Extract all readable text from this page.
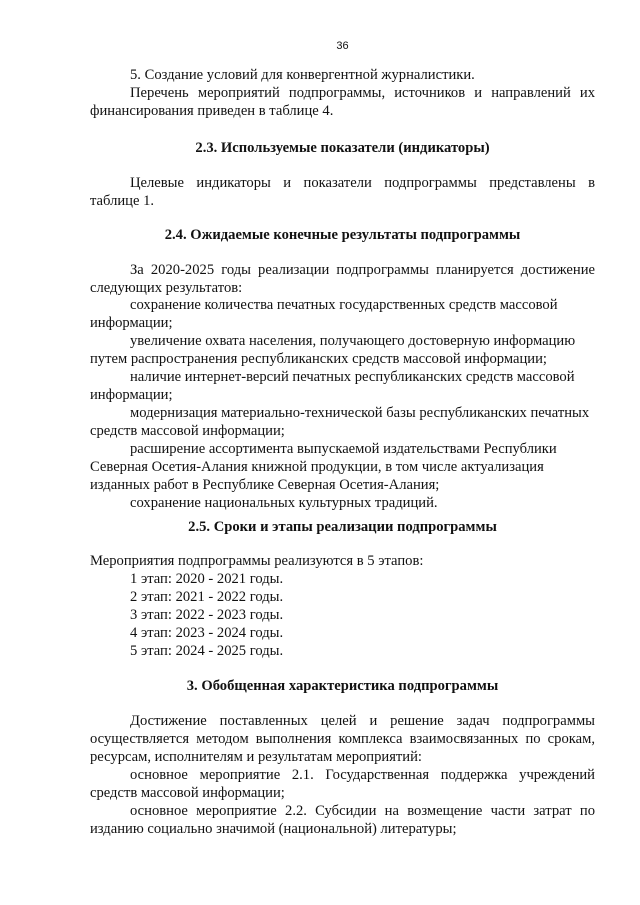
36

5. Создание условий для конвергентной журналистики.

Перечень мероприятий подпрограммы, источников и направлений их финансирования приведен в таблице 4.

2.3. Используемые показатели (индикаторы)

Целевые индикаторы и показатели подпрограммы представлены в таблице 1.

2.4. Ожидаемые конечные результаты подпрограммы

За 2020-2025 годы реализации подпрограммы планируется достижение следующих результатов:

сохранение количества печатных государственных средств массовой информации;

увеличение охвата населения, получающего достоверную информацию путем распространения республиканских средств массовой информации;

наличие интернет-версий печатных республиканских средств массовой информации;

модернизация материально-технической базы республиканских печатных средств массовой информации;

расширение ассортимента выпускаемой издательствами Республики Северная Осетия-Алания книжной продукции, в том числе актуализация изданных работ в Республике Северная Осетия-Алания;

сохранение национальных культурных традиций.

2.5. Сроки и этапы реализации подпрограммы

Мероприятия подпрограммы реализуются в 5 этапов:

1 этап: 2020 - 2021 годы.
2 этап: 2021 - 2022 годы.
3 этап: 2022 - 2023 годы.
4 этап: 2023 - 2024 годы.
5 этап: 2024 - 2025 годы.
3. Обобщенная характеристика подпрограммы

Достижение поставленных целей и решение задач подпрограммы осуществляется методом выполнения комплекса взаимосвязанных по срокам, ресурсам, исполнителям и результатам мероприятий:

основное мероприятие 2.1. Государственная поддержка учреждений средств массовой информации;

основное мероприятие 2.2. Субсидии на возмещение части затрат по изданию социально значимой (национальной) литературы;
